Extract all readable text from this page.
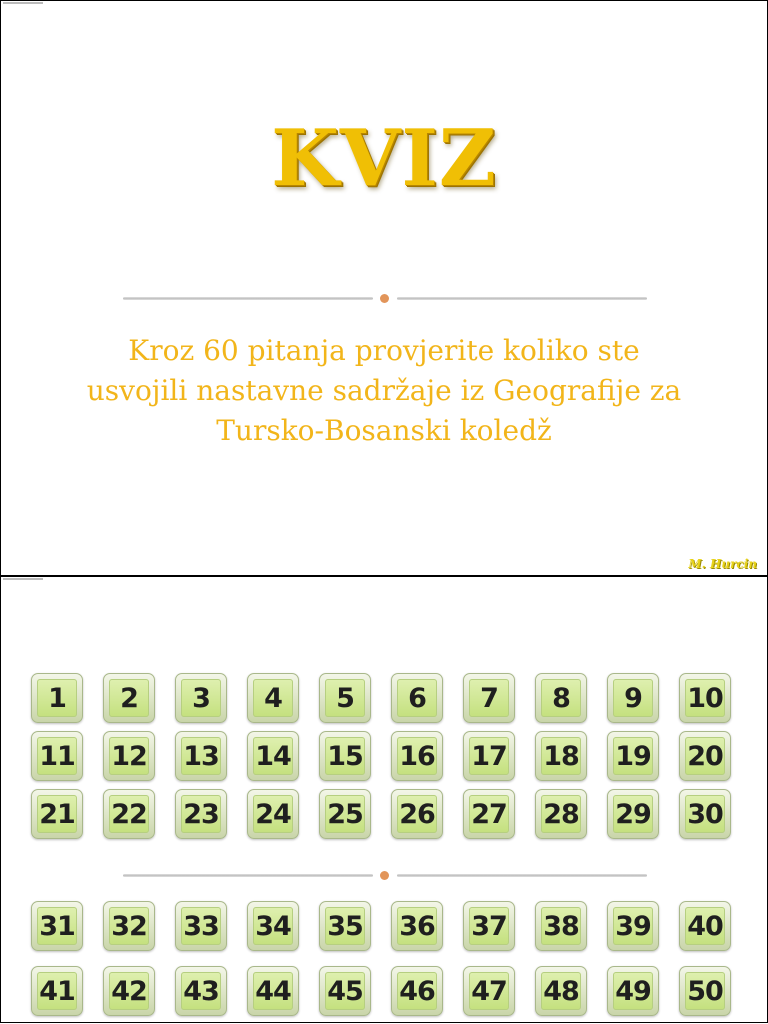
KVIZ
Kroz 60 pitanja provjerite koliko ste
usvojili nastavne sadržaje iz Geografije za
Tursko-Bosanski koledž
M. Hurcin
1	2	3	4	5	6	7	8	9	10
11 12 13 14 15 16 17 18 19 20
21 22 23 24 25 26 27 28 29 30
31 32 33 34 35 36 37 38 39 40
41 42 43 44 45 46 47 48 49 50
